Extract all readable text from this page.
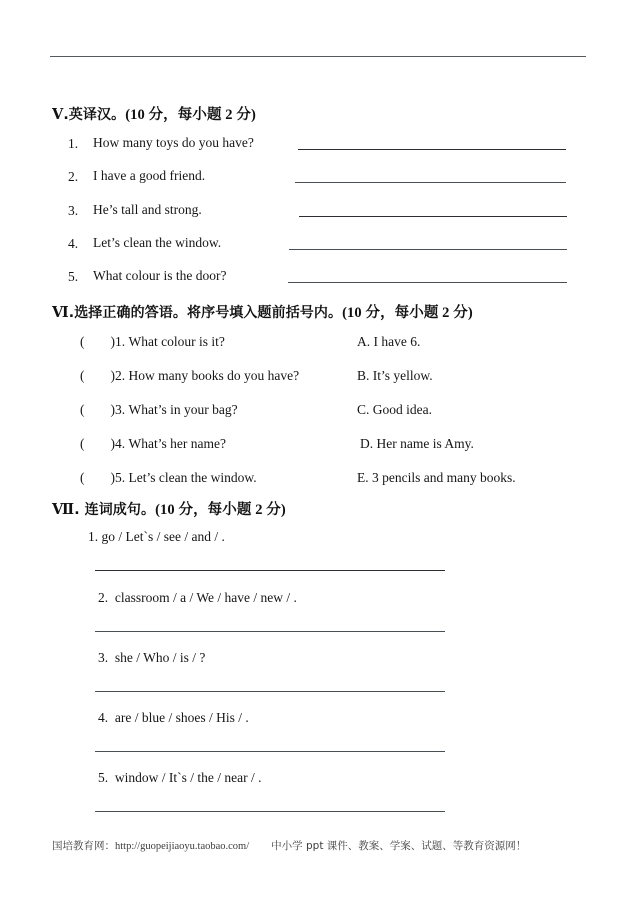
Ⅴ.英译汉。(10 分，每小题 2 分)
1. How many toys do you have?
2. I have a good friend.
3. He’s tall and strong.
4. Let’s clean the window.
5. What colour is the door?
Ⅵ.选择正确的答语。将序号填入题前括号内。(10 分，每小题 2 分)
( )1. What colour is it?	A. I have 6.
( )2. How many books do you have?	B. It’s yellow.
( )3. What’s in your bag?	C. Good idea.
( )4. What’s her name?	D. Her name is Amy.
( )5. Let’s clean the window.	E. 3 pencils and many books.
Ⅶ. 连词成句。(10 分，每小题 2 分)
1. go / Let`s / see / and / .
2. classroom / a / We / have / new / .
3. she / Who / is / ?
4. are / blue / shoes / His / .
5. window / It`s / the / near / .
国培教育网：http://guopeijiaoyu.taobao.com/ 中小学 ppt 课件、教案、学案、试题、等教育资源网！
